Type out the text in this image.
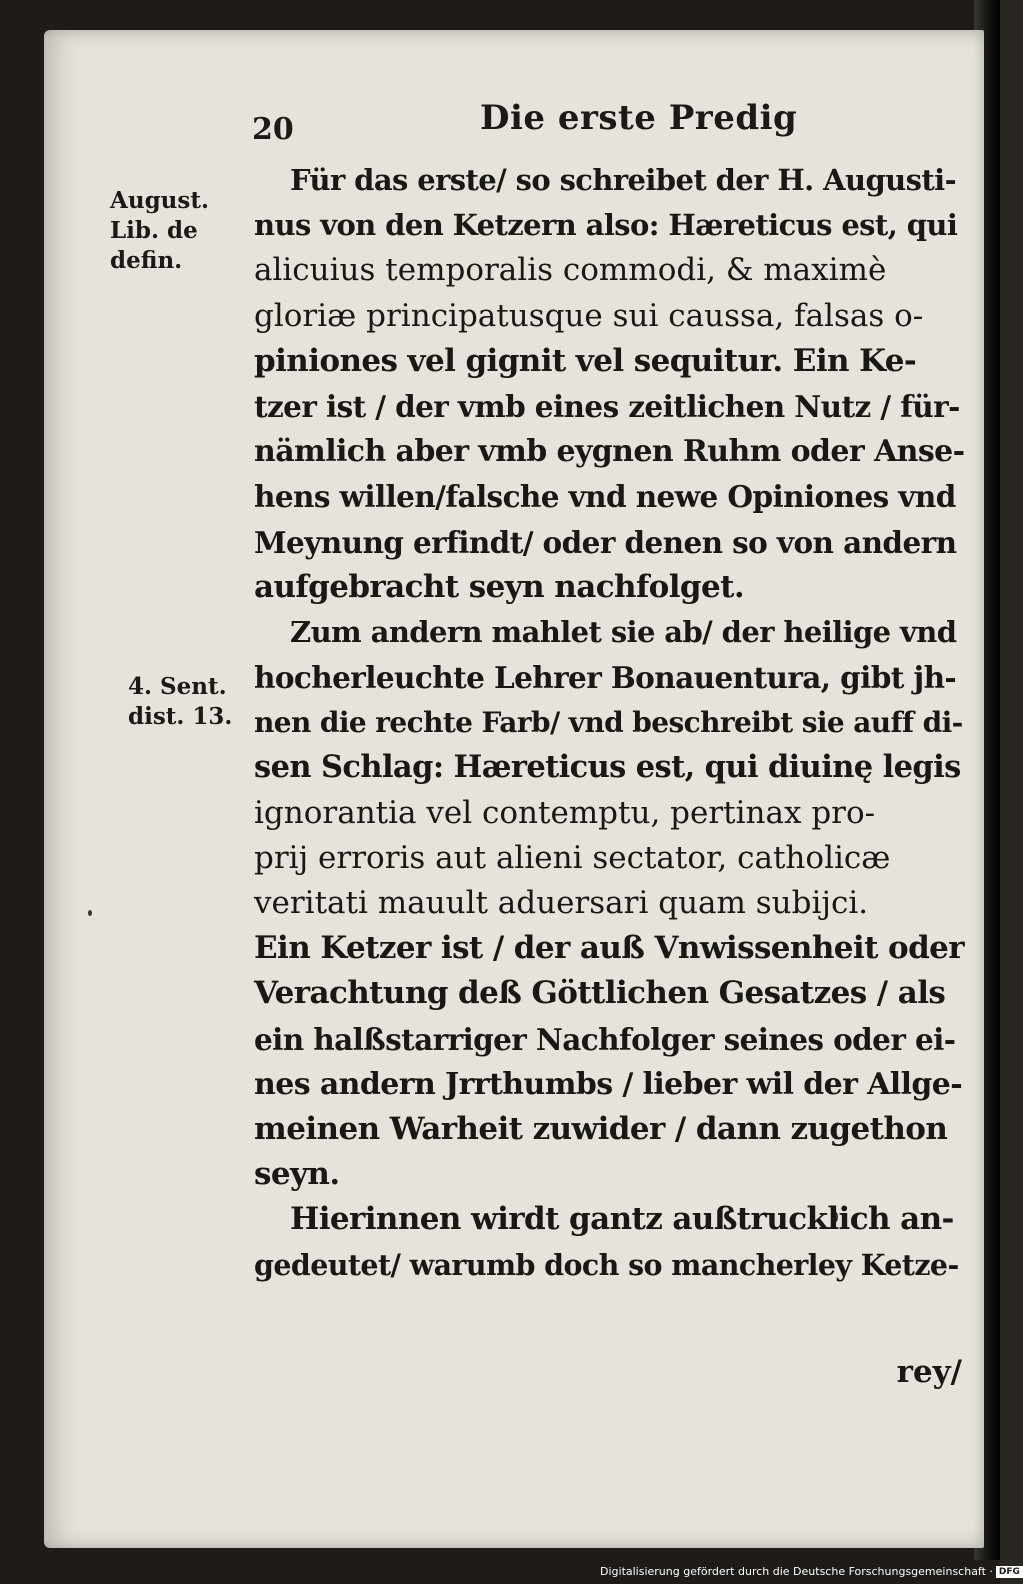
20	Die erste Predig
August.
Lib. de
defin.
4. Sent.
dist. 13.
Für das erste/ so schreibet der H. Augusti-
nus von den Ketzern also: Hæreticus est, qui
alicuius temporalis commodi, & maximè
gloriæ principatusque sui caussa, falsas o-
piniones vel gignit vel sequitur. Ein Ke-
tzer ist / der vmb eines zeitlichen Nutz / für-
nämlich aber vmb eygnen Ruhm oder Anse-
hens willen/falsche vnd newe Opiniones vnd
Meynung erfindt/ oder denen so von andern
aufgebracht seyn nachfolget.
Zum andern mahlet sie ab/ der heilige vnd
hocherleuchte Lehrer Bonauentura, gibt jh-
nen die rechte Farb/ vnd beschreibt sie auff di-
sen Schlag: Hæreticus est, qui diuinę legis
ignorantia vel contemptu, pertinax pro-
prij erroris aut alieni sectator, catholicæ
veritati mauult aduersari quam subijci.
Ein Ketzer ist / der auß Vnwissenheit oder
Verachtung deß Göttlichen Gesatzes / als
ein halßstarriger Nachfolger seines oder ei-
nes andern Jrrthumbs / lieber wil der Allge-
meinen Warheit zuwider / dann zugethon
seyn.
Hierinnen wirdt gantz außtrucklich an-
gedeutet/ warumb doch so mancherley Ketze-
rey/
Digitalisierung gefördert durch die Deutsche Forschungsgemeinschaft · DFG
